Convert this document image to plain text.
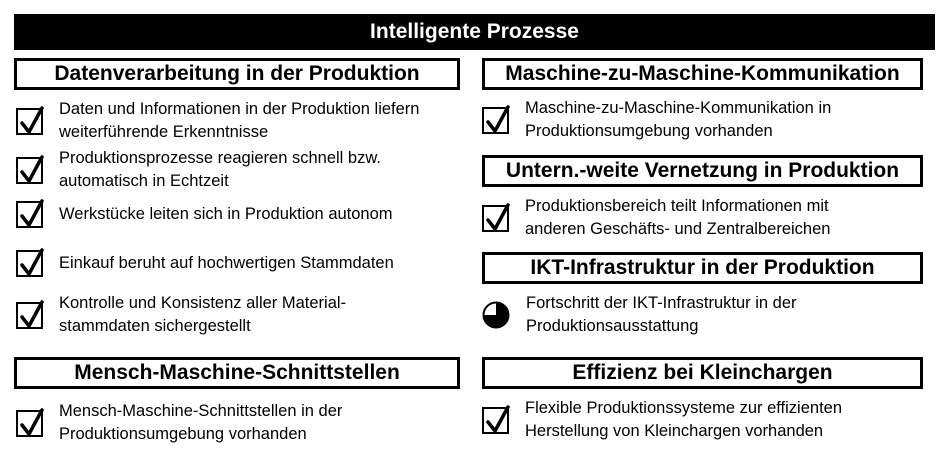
Intelligente Prozesse
Datenverarbeitung in der Produktion
Daten und Informationen in der Produktion liefern
weiterführende Erkenntnisse
Produktionsprozesse reagieren schnell bzw.
automatisch in Echtzeit
Werkstücke leiten sich in Produktion autonom
Einkauf beruht auf hochwertigen Stammdaten
Kontrolle und Konsistenz aller Material-
stammdaten sichergestellt
Mensch-Maschine-Schnittstellen
Mensch-Maschine-Schnittstellen in der
Produktionsumgebung vorhanden
Maschine-zu-Maschine-Kommunikation
Maschine-zu-Maschine-Kommunikation in
Produktionsumgebung vorhanden
Untern.-weite Vernetzung in Produktion
Produktionsbereich teilt Informationen mit
anderen Geschäfts- und Zentralbereichen
IKT-Infrastruktur in der Produktion
Fortschritt der IKT-Infrastruktur in der
Produktionsausstattung
Effizienz bei Kleinchargen
Flexible Produktionssysteme zur effizienten
Herstellung von Kleinchargen vorhanden
